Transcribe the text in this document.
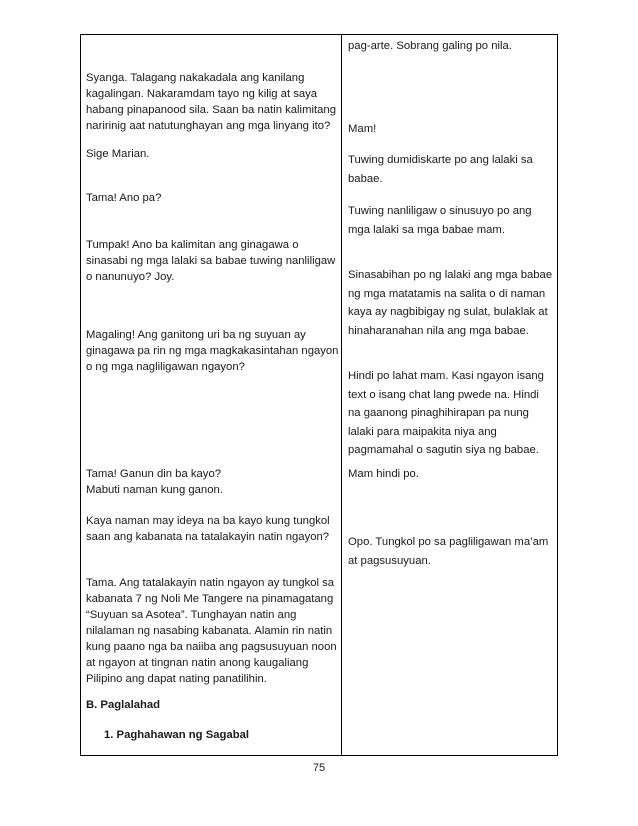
Syanga. Talagang nakakadala ang kanilang
kagalingan. Nakaramdam tayo ng kilig at saya
habang pinapanood sila. Saan ba natin kalimitang
naririnig aat natutunghayan ang mga linyang ito?
Sige Marian.
Tama! Ano pa?
Tumpak! Ano ba kalimitan ang ginagawa o
sinasabi ng mga lalaki sa babae tuwing nanliligaw
o nanunuyo? Joy.
Magaling! Ang ganitong uri ba ng suyuan ay
ginagawa pa rin ng mga magkakasintahan ngayon
o ng mga nagliligawan ngayon?
Tama! Ganun din ba kayo?
Mabuti naman kung ganon.
Kaya naman may ideya na ba kayo kung tungkol
saan ang kabanata na tatalakayin natin ngayon?
Tama. Ang tatalakayin natin ngayon ay tungkol sa
kabanata 7 ng Noli Me Tangere na pinamagatang
“Suyuan sa Asotea”. Tunghayan natin ang
nilalaman ng nasabing kabanata. Alamin rin natin
kung paano nga ba naiiba ang pagsusuyuan noon
at ngayon at tingnan natin anong kaugaliang
Pilipino ang dapat nating panatilihin.
B. Paglalahad
1. Paghahawan ng Sagabal
pag-arte. Sobrang galing po nila.
Mam!
Tuwing dumidiskarte po ang lalaki sa
babae.
Tuwing nanliligaw o sinusuyo po ang
mga lalaki sa mga babae mam.
Sinasabihan po ng lalaki ang mga babae
ng mga matatamis na salita o di naman
kaya ay nagbibigay ng sulat, bulaklak at
hinaharanahan nila ang mga babae.
Hindi po lahat mam. Kasi ngayon isang
text o isang chat lang pwede na. Hindi
na gaanong pinaghihirapan pa nung
lalaki para maipakita niya ang
pagmamahal o sagutin siya ng babae.
Mam hindi po.
Opo. Tungkol po sa pagliligawan ma’am
at pagsusuyuan.
75
